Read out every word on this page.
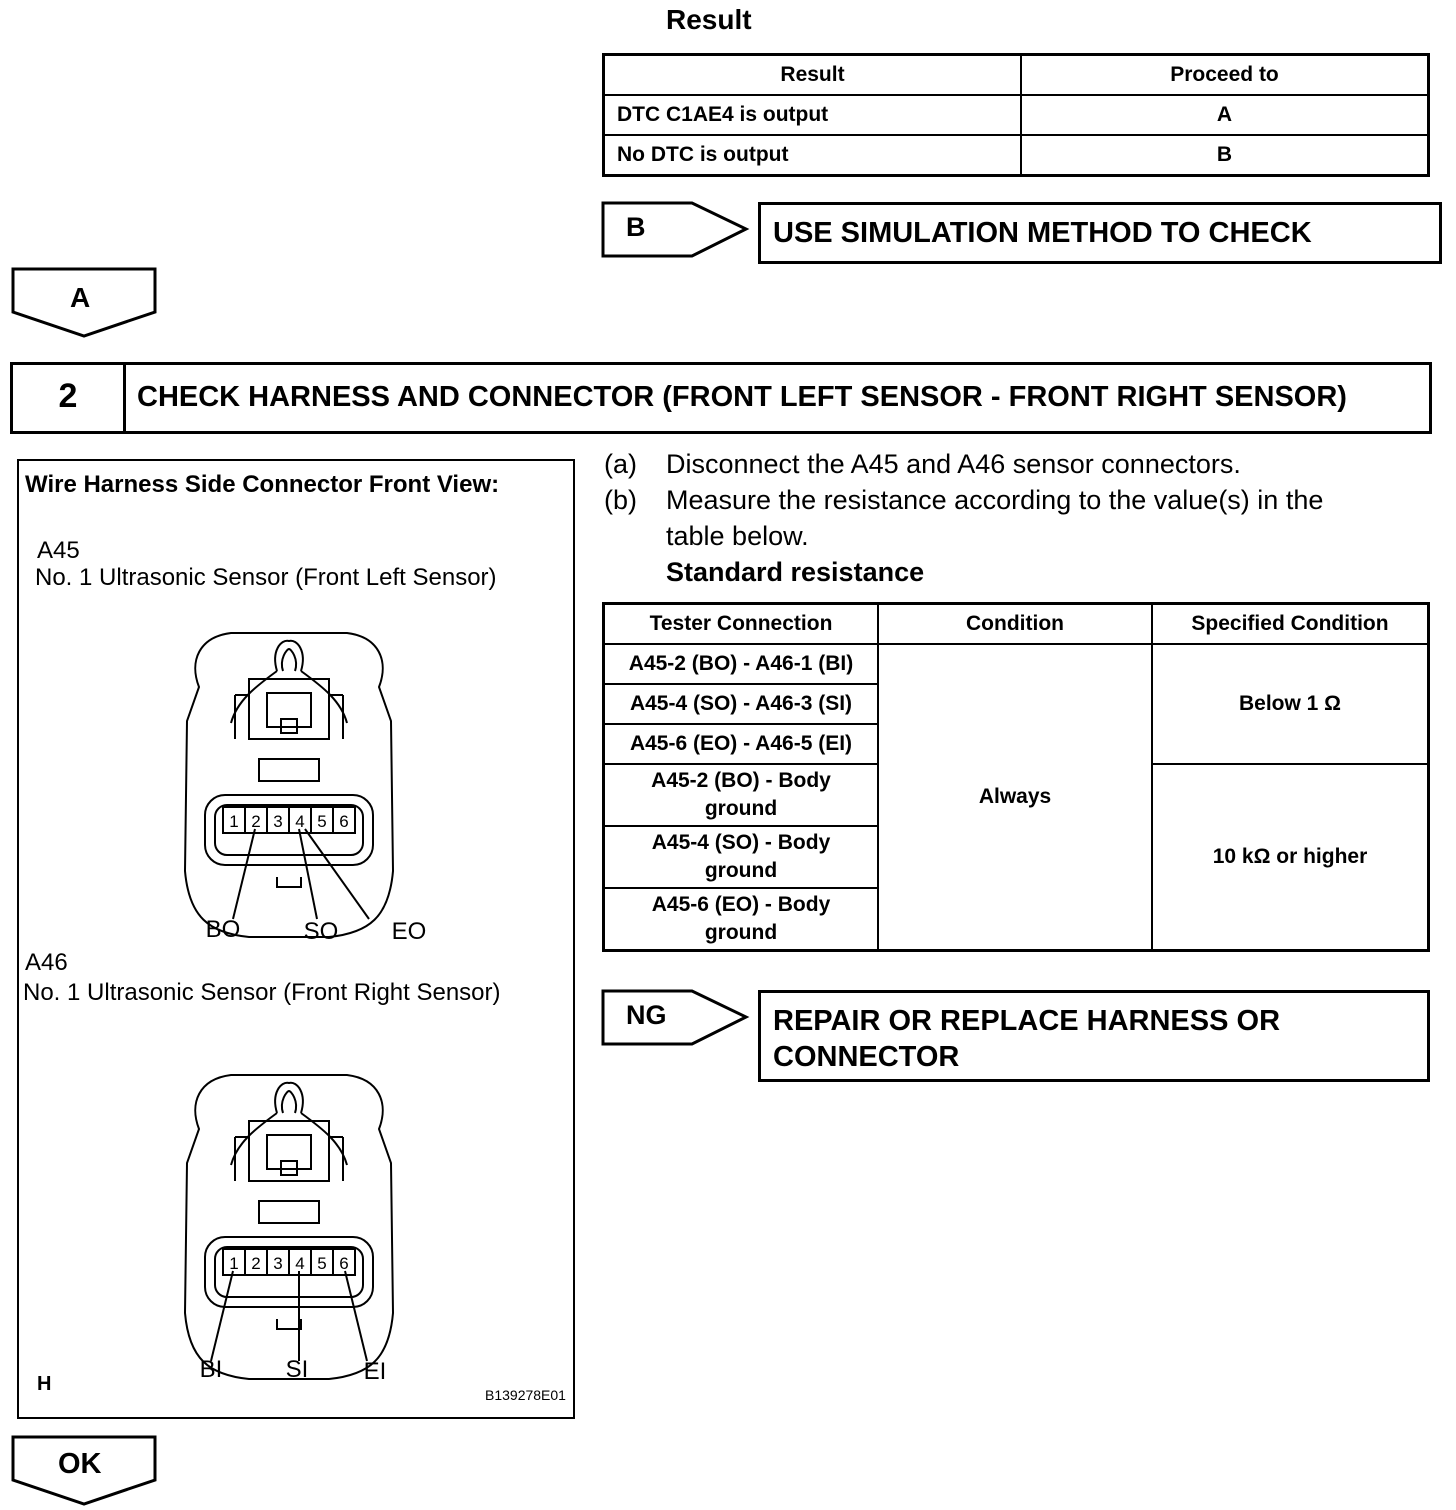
Result
Result	Proceed to
DTC C1AE4 is output	A
No DTC is output	B
B	USE SIMULATION METHOD TO CHECK
A
2	CHECK HARNESS AND CONNECTOR (FRONT LEFT SENSOR - FRONT RIGHT SENSOR)
Wire Harness Side Connector Front View:
A45
No. 1 Ultrasonic Sensor (Front Left Sensor)
A46
No. 1 Ultrasonic Sensor (Front Right Sensor)
H	B139278E01
1 2 3 4 5 6
BO	SO EO
1 2 3 4 5 6
BI	SI EI
(a)	Disconnect the A45 and A46 sensor connectors.
(b)	Measure the resistance according to the value(s) in the
table below.
Standard resistance
Tester Connection	Condition	Specified Condition
A45-2 (BO) - A46-1 (BI)	Always	Below 1 Ω
A45-4 (SO) - A46-3 (SI)		
A45-6 (EO) - A46-5 (EI)		
A45-2 (BO) - Body ground		10 kΩ or higher
A45-4 (SO) - Body ground		
A45-6 (EO) - Body ground		
NG	REPAIR OR REPLACE HARNESS OR
CONNECTOR
OK
